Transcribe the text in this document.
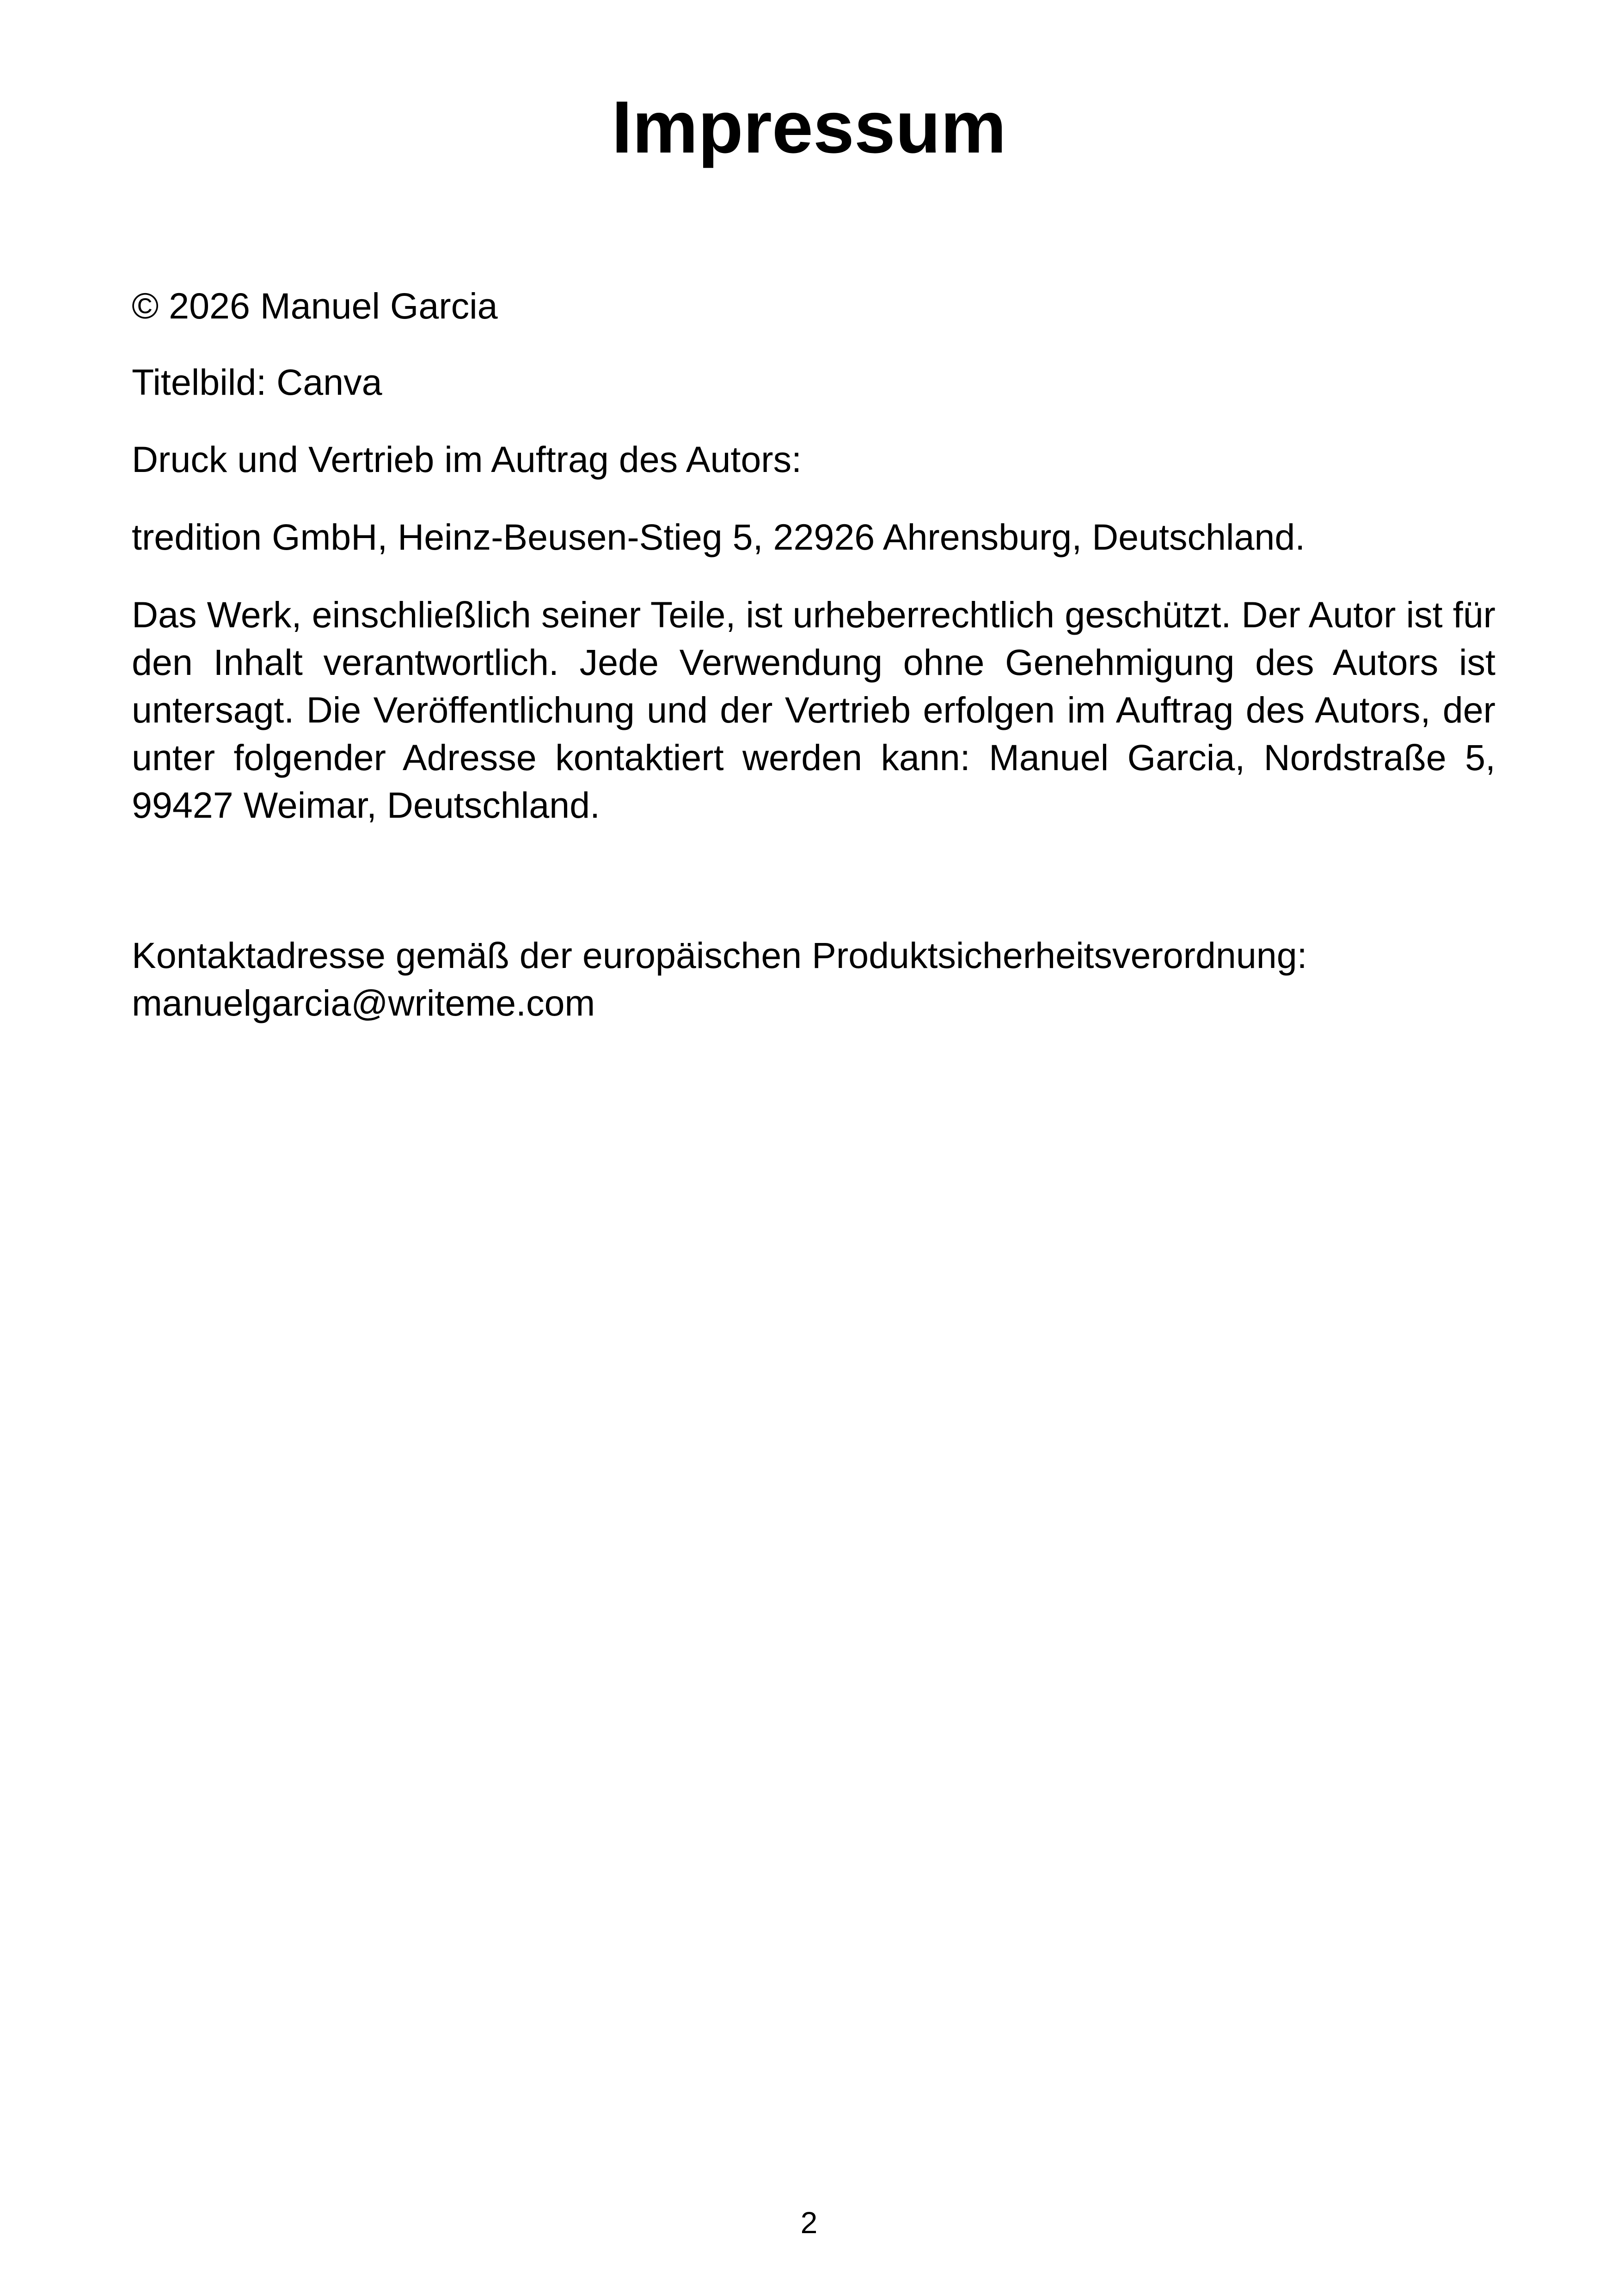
Impressum

© 2026 Manuel Garcia

Titelbild: Canva

Druck und Vertrieb im Auftrag des Autors:

tredition GmbH, Heinz-Beusen-Stieg 5, 22926 Ahrensburg, Deutschland.

Das Werk, einschließlich seiner Teile, ist urheberrechtlich geschützt. Der Autor ist für den Inhalt verantwortlich. Jede Verwendung ohne Genehmigung des Autors ist untersagt. Die Veröffentlichung und der Vertrieb erfolgen im Auftrag des Autors, der unter folgender Adresse kontaktiert werden kann: Manuel Garcia, Nordstraße 5, 99427 Weimar, Deutschland.

Kontaktadresse gemäß der europäischen Produktsicherheitsverordnung:
manuelgarcia@writeme.com
2
